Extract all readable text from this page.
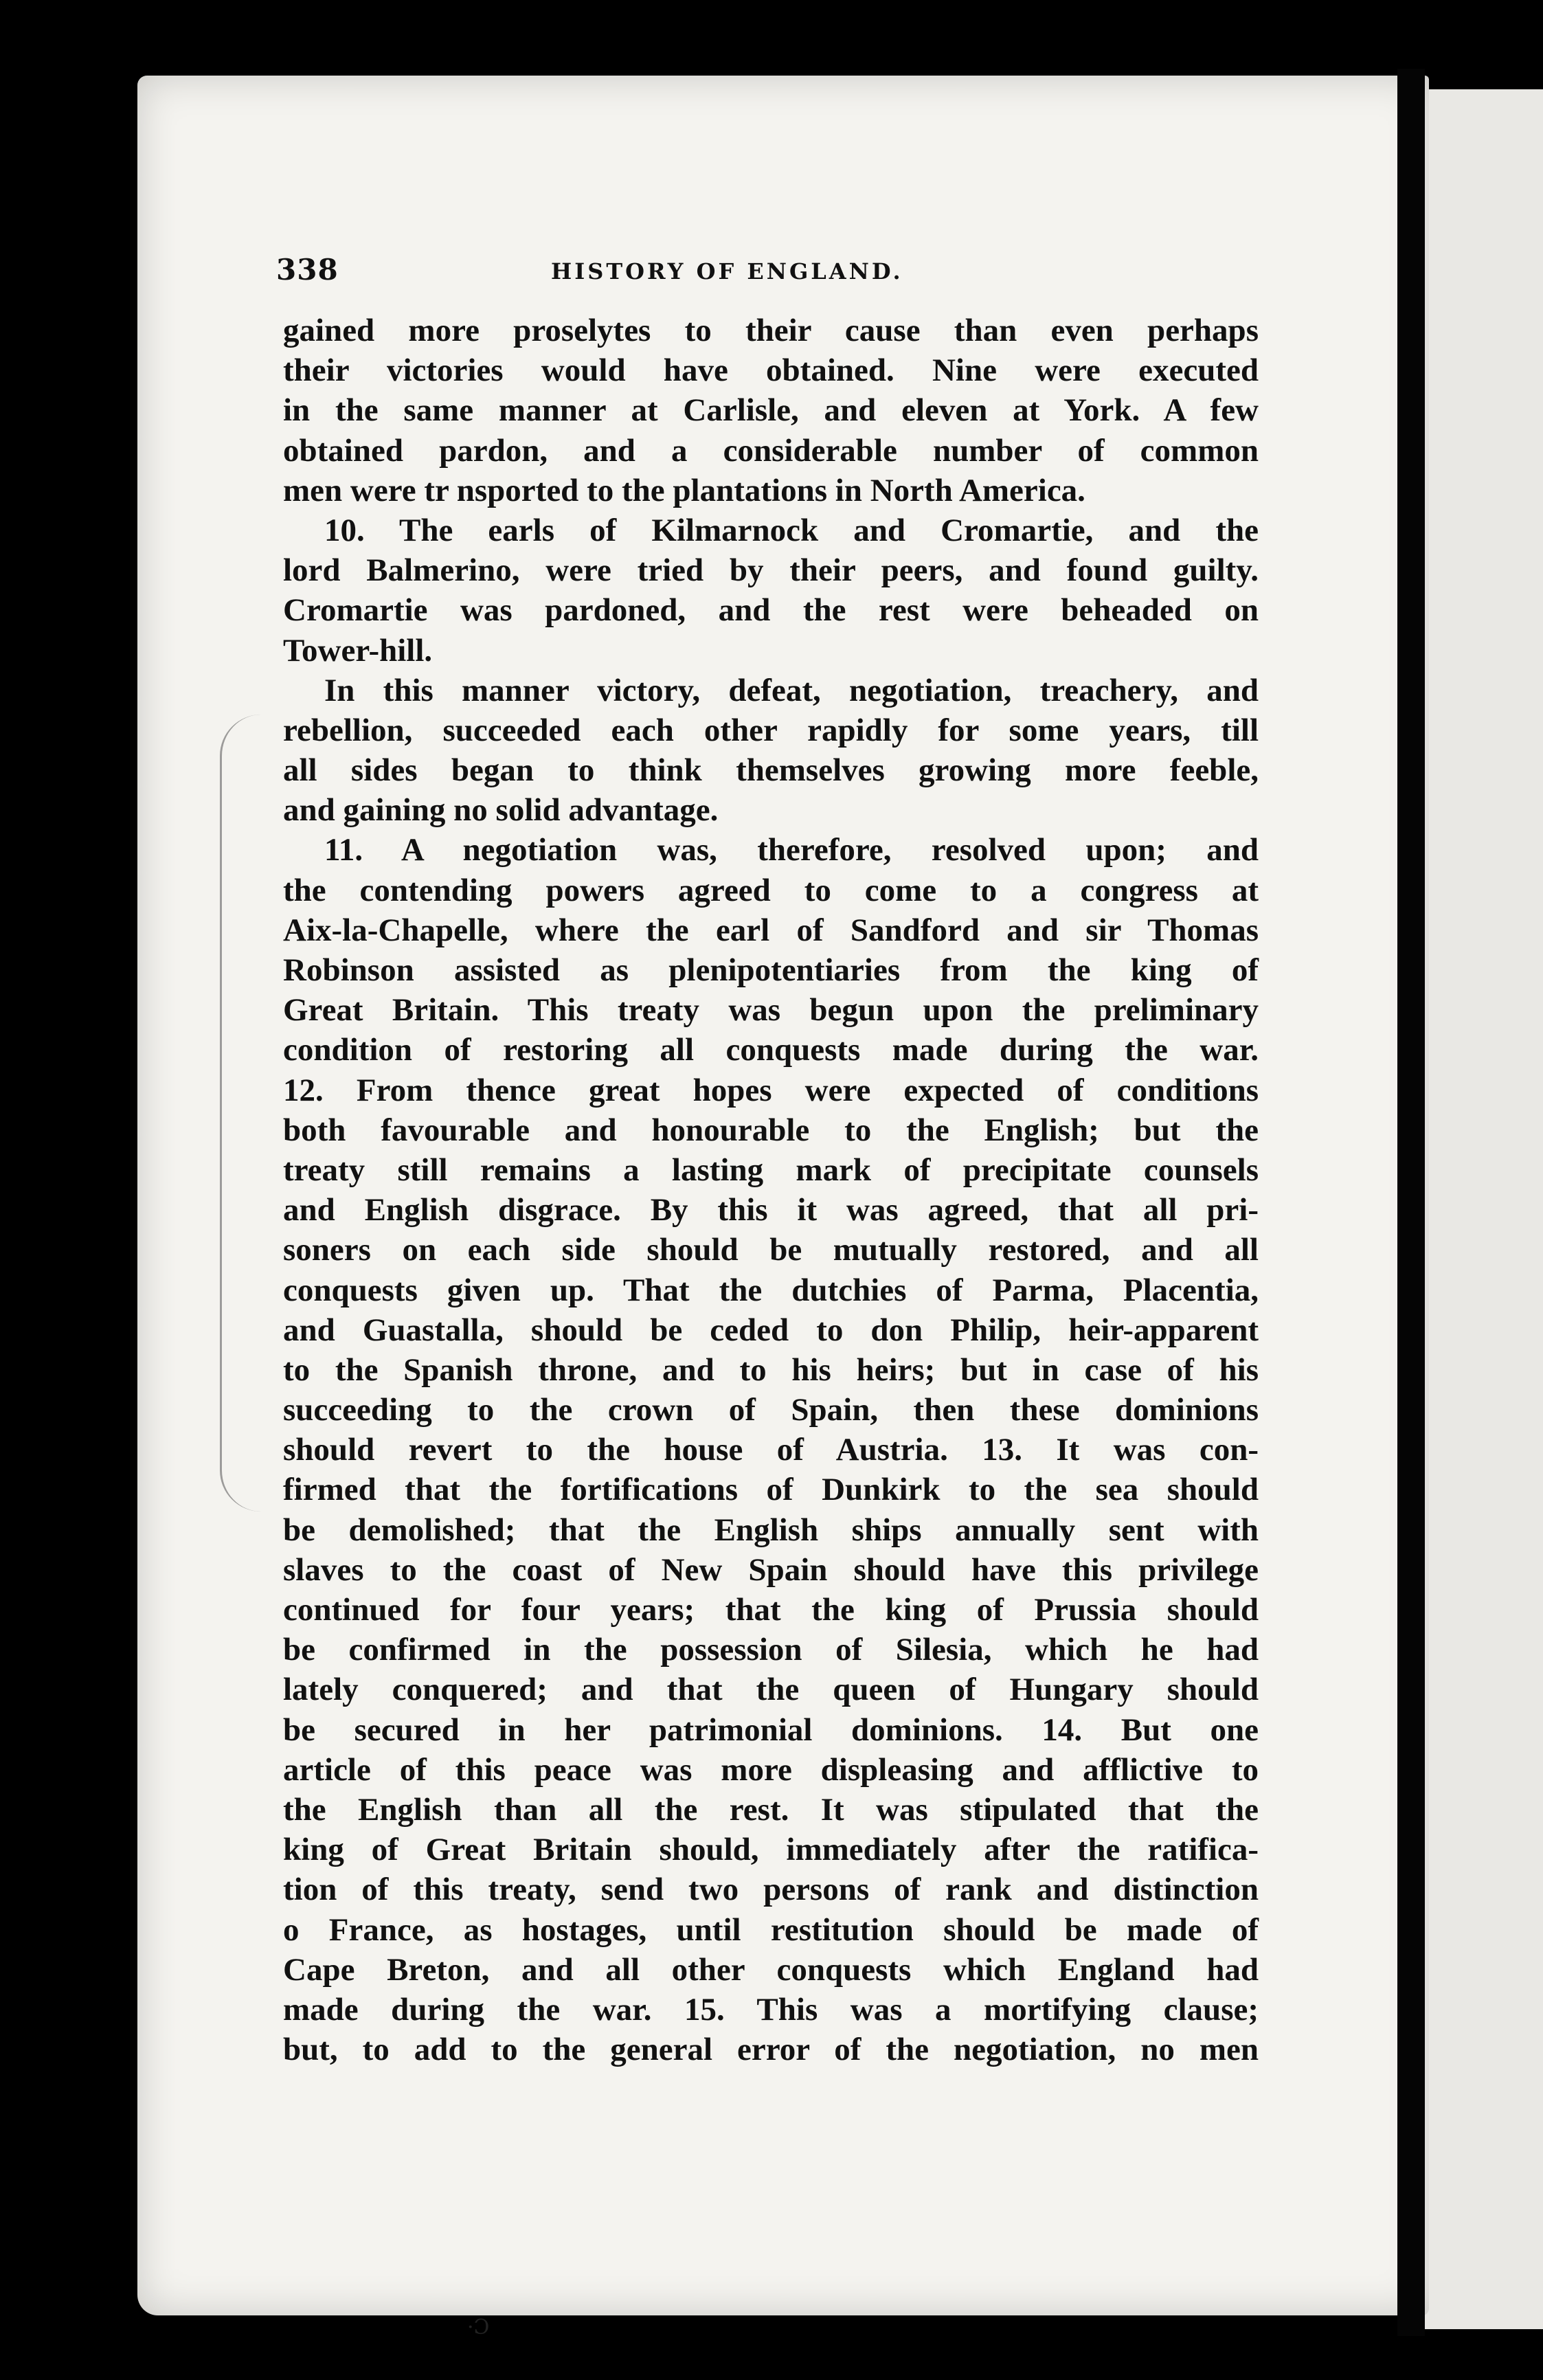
338	HISTORY OF ENGLAND.
gained more proselytes to their cause than even perhaps
their victories would have obtained. Nine were executed
in the same manner at Carlisle, and eleven at York. A few
obtained pardon, and a considerable number of common
men were tr nsported to the plantations in North America.
10. The earls of Kilmarnock and Cromartie, and the
lord Balmerino, were tried by their peers, and found guilty.
Cromartie was pardoned, and the rest were beheaded on
Tower-hill.
In this manner victory, defeat, negotiation, treachery, and
rebellion, succeeded each other rapidly for some years, till
all sides began to think themselves growing more feeble,
and gaining no solid advantage.
11. A negotiation was, therefore, resolved upon; and
the contending powers agreed to come to a congress at
Aix-la-Chapelle, where the earl of Sandford and sir Thomas
Robinson assisted as plenipotentiaries from the king of
Great Britain. This treaty was begun upon the preliminary
condition of restoring all conquests made during the war.
12. From thence great hopes were expected of conditions
both favourable and honourable to the English; but the
treaty still remains a lasting mark of precipitate counsels
and English disgrace. By this it was agreed, that all pri-
soners on each side should be mutually restored, and all
conquests given up. That the dutchies of Parma, Placentia,
and Guastalla, should be ceded to don Philip, heir-apparent
to the Spanish throne, and to his heirs; but in case of his
succeeding to the crown of Spain, then these dominions
should revert to the house of Austria. 13. It was con-
firmed that the fortifications of Dunkirk to the sea should
be demolished; that the English ships annually sent with
slaves to the coast of New Spain should have this privilege
continued for four years; that the king of Prussia should
be confirmed in the possession of Silesia, which he had
lately conquered; and that the queen of Hungary should
be secured in her patrimonial dominions. 14. But one
article of this peace was more displeasing and afflictive to
the English than all the rest. It was stipulated that the
king of Great Britain should, immediately after the ratifica-
tion of this treaty, send two persons of rank and distinction
o France, as hostages, until restitution should be made of
Cape Breton, and all other conquests which England had
made during the war. 15. This was a mortifying clause;
but, to add to the general error of the negotiation, no men
·Ɔ
